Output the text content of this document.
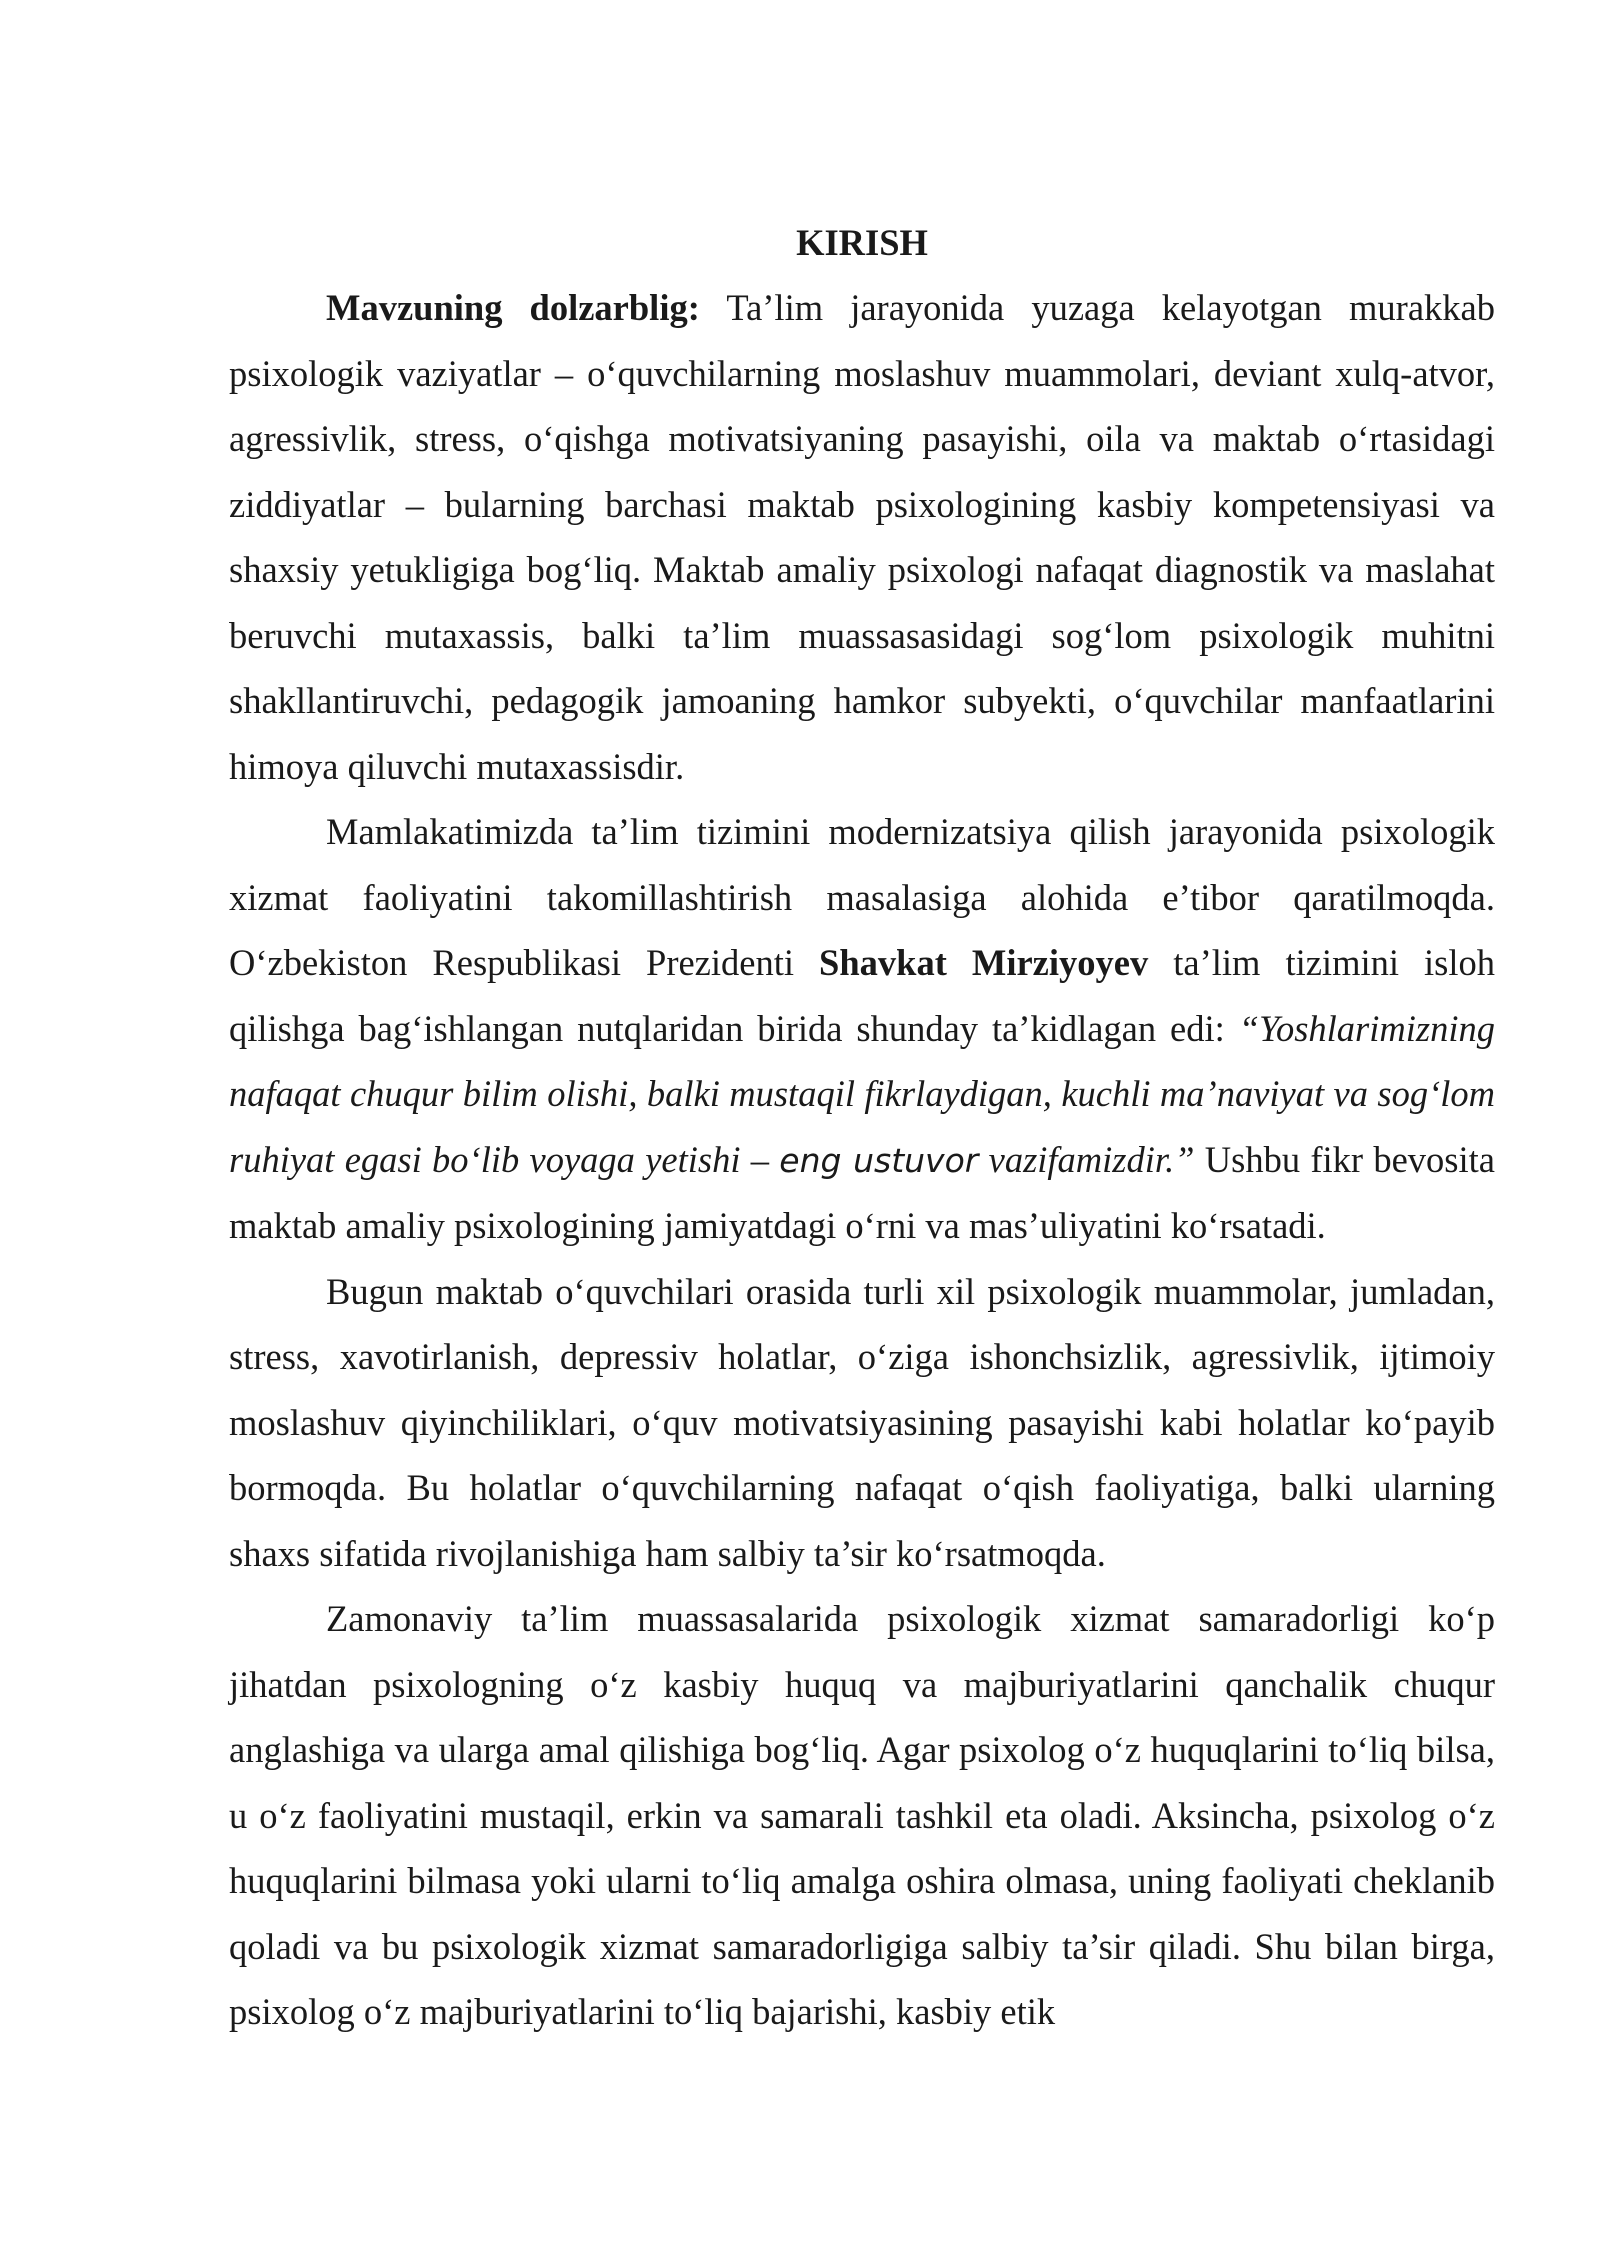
KIRISH

Mavzuning dolzarblig: Ta’lim jarayonida yuzaga kelayotgan murakkab psixologik vaziyatlar – o‘quvchilarning moslashuv muammolari, deviant xulq-atvor, agressivlik, stress, o‘qishga motivatsiyaning pasayishi, oila va maktab o‘rtasidagi ziddiyatlar – bularning barchasi maktab psixologining kasbiy kompetensiyasi va shaxsiy yetukligiga bog‘liq. Maktab amaliy psixologi nafaqat diagnostik va maslahat beruvchi mutaxassis, balki ta’lim muassasasidagi sog‘lom psixologik muhitni shakllantiruvchi, pedagogik jamoaning hamkor subyekti, o‘quvchilar manfaatlarini himoya qiluvchi mutaxassisdir.

Mamlakatimizda ta’lim tizimini modernizatsiya qilish jarayonida psixologik xizmat faoliyatini takomillashtirish masalasiga alohida e’tibor qaratilmoqda. O‘zbekiston Respublikasi Prezidenti Shavkat Mirziyoyev ta’lim tizimini isloh qilishga bag‘ishlangan nutqlaridan birida shunday ta’kidlagan edi: “Yoshlarimizning nafaqat chuqur bilim olishi, balki mustaqil fikrlaydigan, kuchli ma’naviyat va sog‘lom ruhiyat egasi bo‘lib voyaga yetishi – eng ustuvor vazifamizdir.” Ushbu fikr bevosita maktab amaliy psixologining jamiyatdagi o‘rni va mas’uliyatini ko‘rsatadi.

Bugun maktab o‘quvchilari orasida turli xil psixologik muammolar, jumladan, stress, xavotirlanish, depressiv holatlar, o‘ziga ishonchsizlik, agressivlik, ijtimoiy moslashuv qiyinchiliklari, o‘quv motivatsiyasining pasayishi kabi holatlar ko‘payib bormoqda. Bu holatlar o‘quvchilarning nafaqat o‘qish faoliyatiga, balki ularning shaxs sifatida rivojlanishiga ham salbiy ta’sir ko‘rsatmoqda.

Zamonaviy ta’lim muassasalarida psixologik xizmat samaradorligi ko‘p jihatdan psixologning o‘z kasbiy huquq va majburiyatlarini qanchalik chuqur anglashiga va ularga amal qilishiga bog‘liq. Agar psixolog o‘z huquqlarini to‘liq bilsa, u o‘z faoliyatini mustaqil, erkin va samarali tashkil eta oladi. Aksincha, psixolog o‘z huquqlarini bilmasa yoki ularni to‘liq amalga oshira olmasa, uning faoliyati cheklanib qoladi va bu psixologik xizmat samaradorligiga salbiy ta’sir qiladi. Shu bilan birga, psixolog o‘z majburiyatlarini to‘liq bajarishi, kasbiy etik
